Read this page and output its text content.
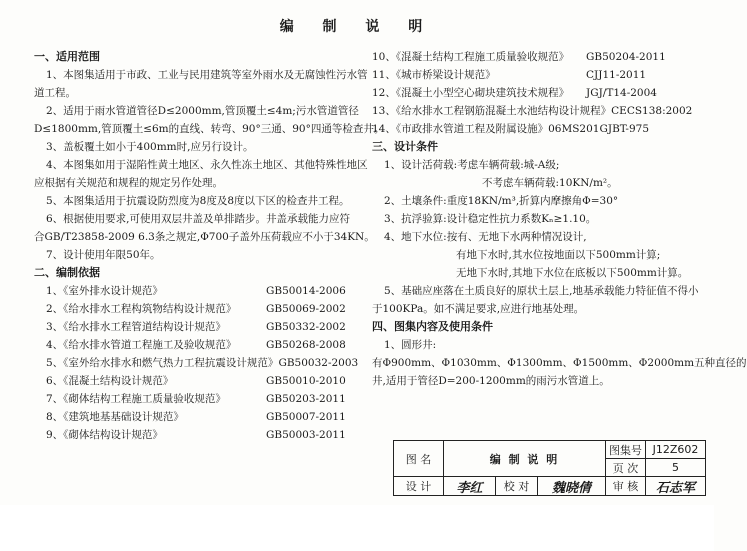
编 制 说 明
一、适用范围
1、本图集适用于市政、工业与民用建筑等室外雨水及无腐蚀性污水管
道工程。
2、适用于雨水管道管径D≤2000mm,管顶覆土≤4m;污水管道管径
D≤1800mm,管顶覆土≤6m的直线、转弯、90°三通、90°四通等检查井。
3、盖板覆土如小于400mm时,应另行设计。
4、本图集如用于湿陷性黄土地区、永久性冻土地区、其他特殊性地区
应根据有关规范和规程的规定另作处理。
5、本图集适用于抗震设防烈度为8度及8度以下区的检查井工程。
6、根据使用要求,可使用双层井盖及单排踏步。井盖承载能力应符
合GB/T23858-2009 6.3条之规定,Φ700子盖外压荷载应不小于34KN。
7、设计使用年限50年。
二、编制依据
1、《室外排水设计规范》	GB50014-2006
2、《给水排水工程构筑物结构设计规范》	GB50069-2002
3、《给水排水工程管道结构设计规范》	GB50332-2002
4、《给水排水管道工程施工及验收规范》	GB50268-2008
5、《室外给水排水和燃气热力工程抗震设计规范》 GB50032-2003
6、《混凝土结构设计规范》	GB50010-2010
7、《砌体结构工程施工质量验收规范》	GB50203-2011
8、《建筑地基基础设计规范》	GB50007-2011
9、《砌体结构设计规范》	GB50003-2011
10、《混凝土结构工程施工质量验收规范》	GB50204-2011
11、《城市桥梁设计规范》	CJJ11-2011
12、《混凝土小型空心砌块建筑技术规程》	JGJ/T14-2004
13、《给水排水工程钢筋混凝土水池结构设计规程》 CECS138:2002
14、《市政排水管道工程及附属设施》06MS201 GJBT-975
三、设计条件
1、设计活荷载:考虑车辆荷载:城-A级;
不考虑车辆荷载:10KN/m²。
2、土壤条件:重度18KN/m³,折算内摩擦角Φ=30°
3、抗浮验算:设计稳定性抗力系数Kₙ≥1.10。
4、地下水位:按有、无地下水两种情况设计,
有地下水时,其水位按地面以下500mm计算;
无地下水时,其地下水位在底板以下500mm计算。
5、基础应座落在土质良好的原状土层上,地基承载能力特征值不得小
于100KPa。如不满足要求,应进行地基处理。
四、图集内容及使用条件
1、圆形井:
有Φ900mm、Φ1030mm、Φ1300mm、Φ1500mm、Φ2000mm五种直径的
井,适用于管径D=200-1200mm的雨污水管道上。
图 名	编 制 说 明
图集号 J12Z602
页 次	5
设 计	李红	校 对	魏晓倩	审 核	石志军
